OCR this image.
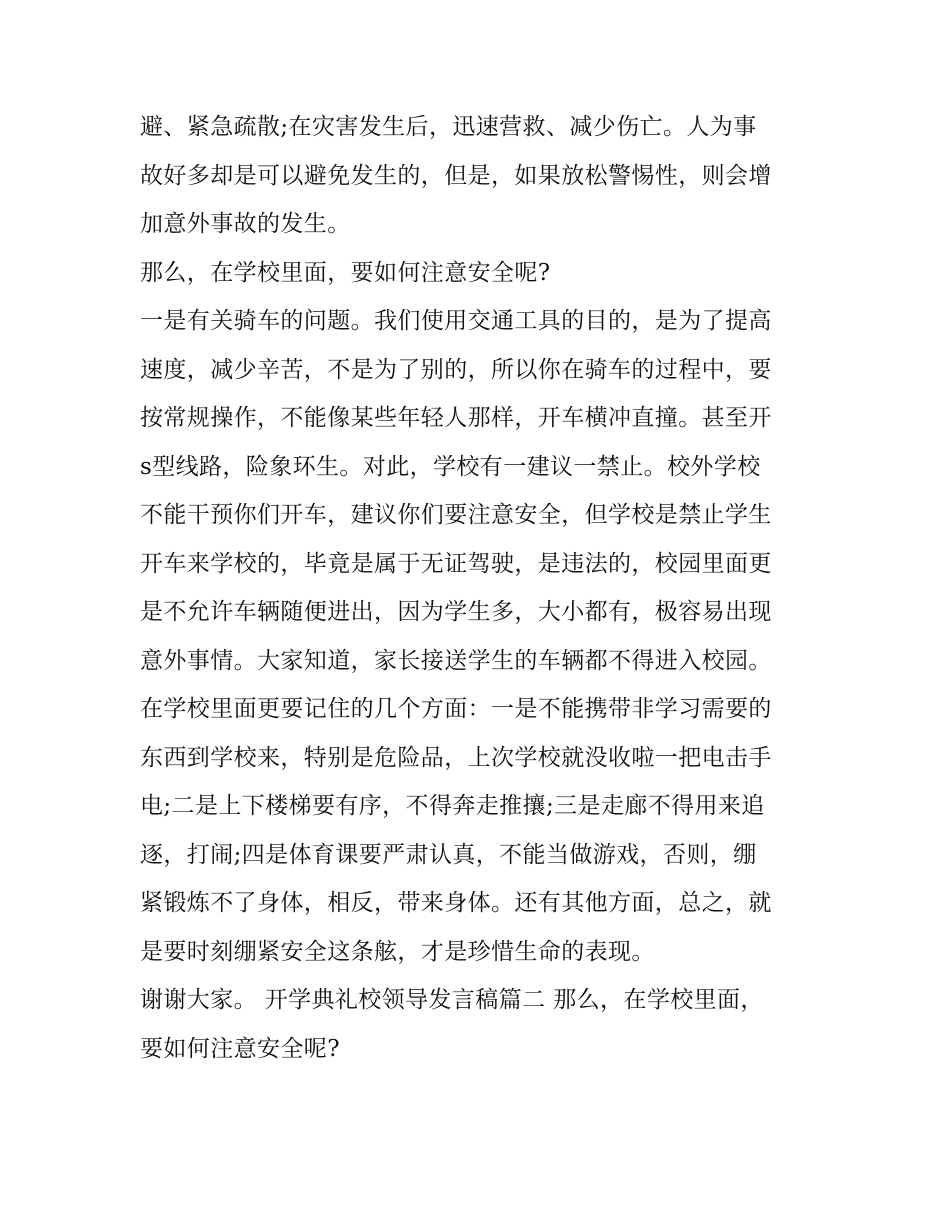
避、紧急疏散;在灾害发生后，迅速营救、减少伤亡。人为事
故好多却是可以避免发生的，但是，如果放松警惕性，则会增
加意外事故的发生。
那么，在学校里面，要如何注意安全呢?
一是有关骑车的问题。我们使用交通工具的目的，是为了提高
速度，减少辛苦，不是为了别的，所以你在骑车的过程中，要
按常规操作，不能像某些年轻人那样，开车横冲直撞。甚至开
s型线路，险象环生。对此，学校有一建议一禁止。校外学校
不能干预你们开车，建议你们要注意安全，但学校是禁止学生
开车来学校的，毕竟是属于无证驾驶，是违法的，校园里面更
是不允许车辆随便进出，因为学生多，大小都有，极容易出现
意外事情。大家知道，家长接送学生的车辆都不得进入校园。
在学校里面更要记住的几个方面：一是不能携带非学习需要的
东西到学校来，特别是危险品，上次学校就没收啦一把电击手
电;二是上下楼梯要有序，不得奔走推攘;三是走廊不得用来追
逐，打闹;四是体育课要严肃认真，不能当做游戏，否则，绷
紧锻炼不了身体，相反，带来身体。还有其他方面，总之，就
是要时刻绷紧安全这条舷，才是珍惜生命的表现。
谢谢大家。 开学典礼校领导发言稿篇二 那么，在学校里面，
要如何注意安全呢?
